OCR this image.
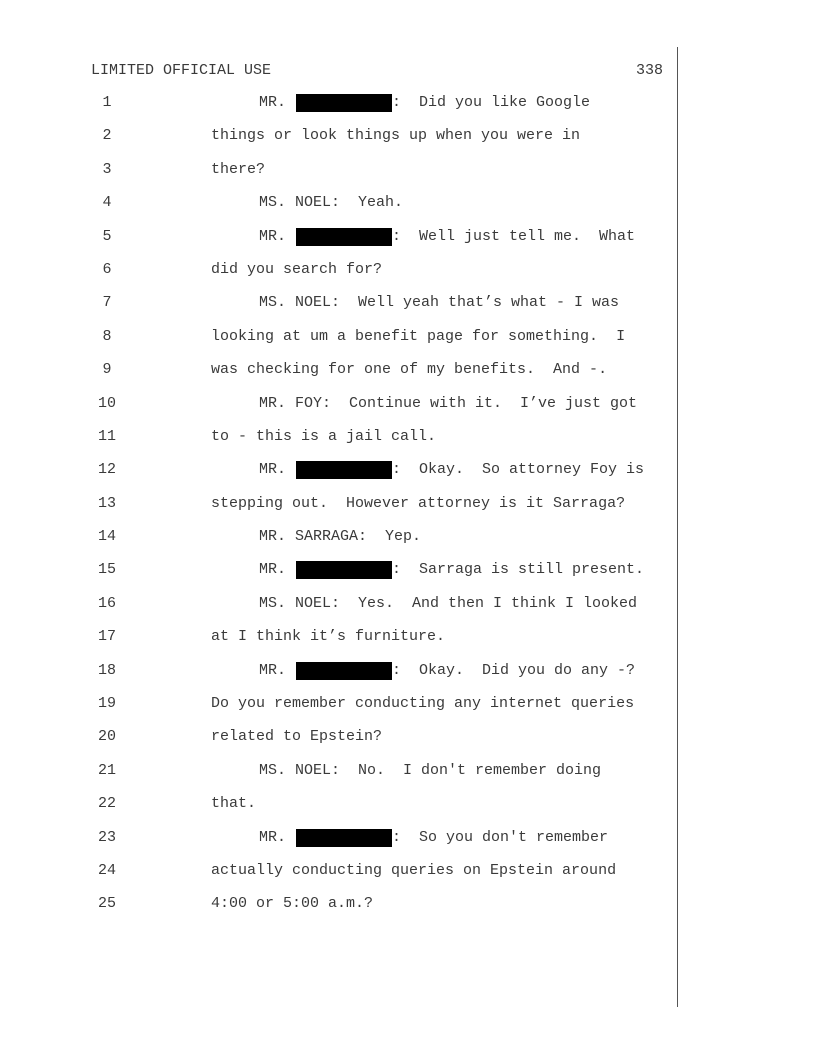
LIMITED OFFICIAL USE	338
1	MR.	:  Did you like Google
2	things or look things up when you were in
3	there?
4	MS. NOEL:  Yeah.
5	MR.	:  Well just tell me.  What
6	did you search for?
7	MS. NOEL:  Well yeah that’s what - I was
8	looking at um a benefit page for something.  I
9	was checking for one of my benefits.  And -.
10	MR. FOY:  Continue with it.  I’ve just got
11	to - this is a jail call.
12	MR.	:  Okay.  So attorney Foy is
13	stepping out.  However attorney is it Sarraga?
14	MR. SARRAGA:  Yep.
15	MR.	:  Sarraga is still present.
16	MS. NOEL:  Yes.  And then I think I looked
17	at I think it’s furniture.
18	MR.	:  Okay.  Did you do any -?
19	Do you remember conducting any internet queries
20	related to Epstein?
21	MS. NOEL:  No.  I don't remember doing
22	that.
23	MR.	:  So you don't remember
24	actually conducting queries on Epstein around
25	4:00 or 5:00 a.m.?
